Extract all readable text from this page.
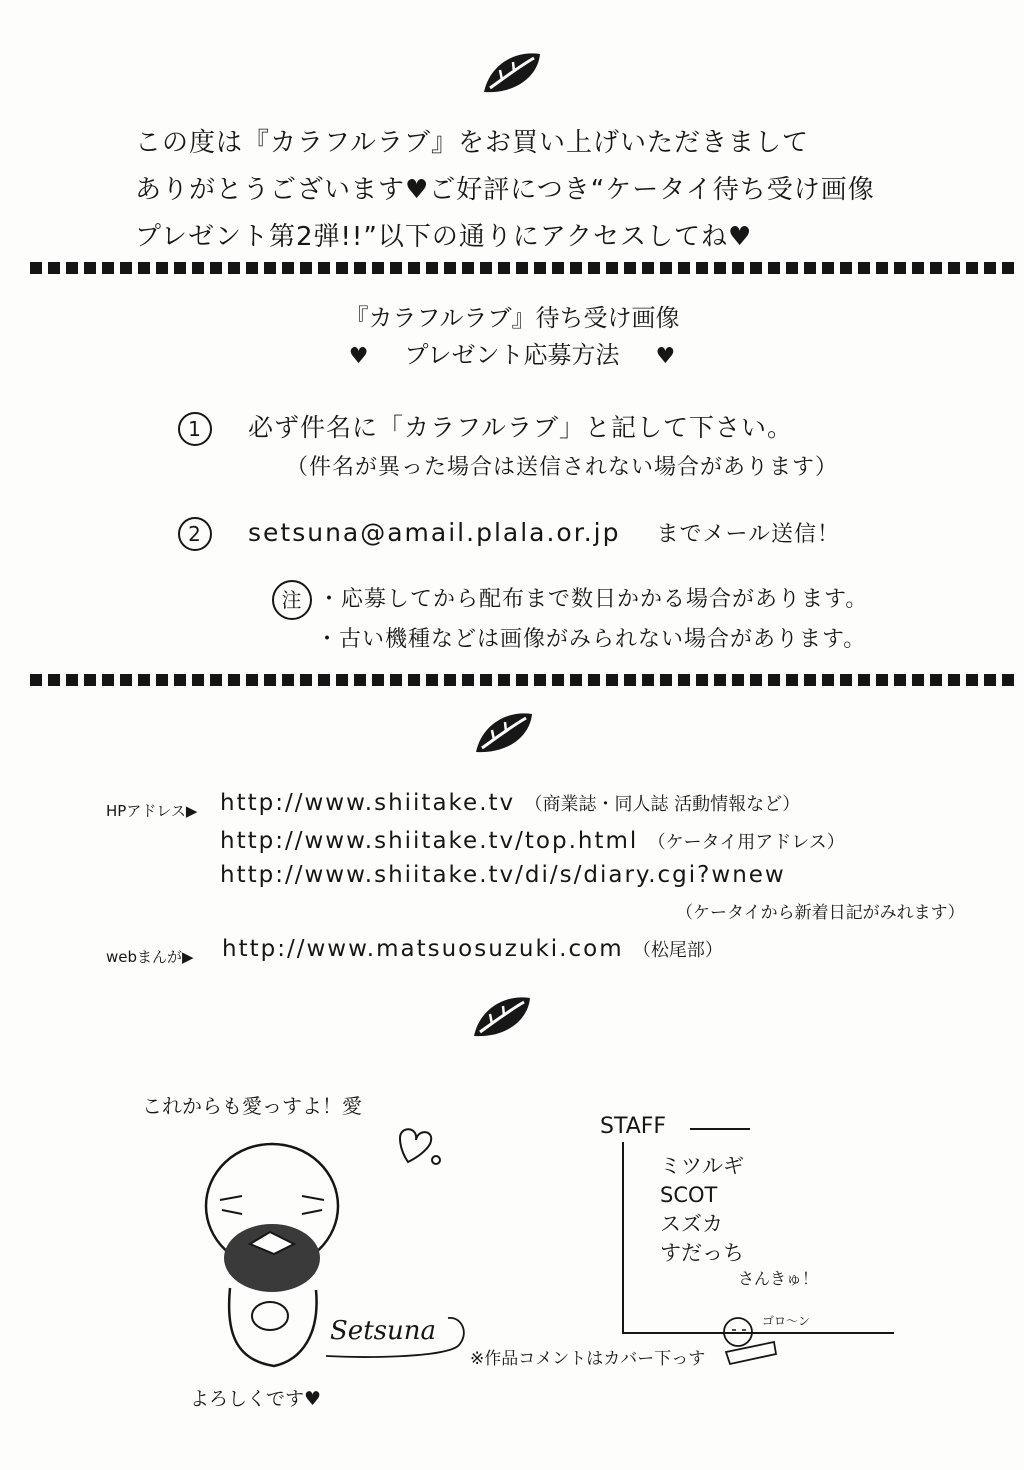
この度は『カラフルラブ』をお買い上げいただきまして
ありがとうございます♥ご好評につき“ケータイ待ち受け画像
プレゼント第2弾!!”以下の通りにアクセスしてね♥
『カラフルラブ』待ち受け画像
♥ プレゼント応募方法 ♥
1 必ず件名に「カラフルラブ」と記して下さい。
（件名が異った場合は送信されない場合があります）
2 setsuna@amail.plala.or.jp までメール送信！
注 ・応募してから配布まで数日かかる場合があります。
・古い機種などは画像がみられない場合があります。
HPアドレス▶ http://www.shiitake.tv （商業誌・同人誌 活動情報など）
http://www.shiitake.tv/top.html （ケータイ用アドレス）
http://www.shiitake.tv/di/s/diary.cgi?wnew
（ケータイから新着日記がみれます）
webまんが▶ http://www.matsuosuzuki.com （松尾部）
これからも愛っすよ！愛
Setsuna
よろしくです♥
※作品コメントはカバー下っす
ゴロ〜ン
STAFF
ミツルギ
SCOT
スズカ
すだっち
さんきゅ！
